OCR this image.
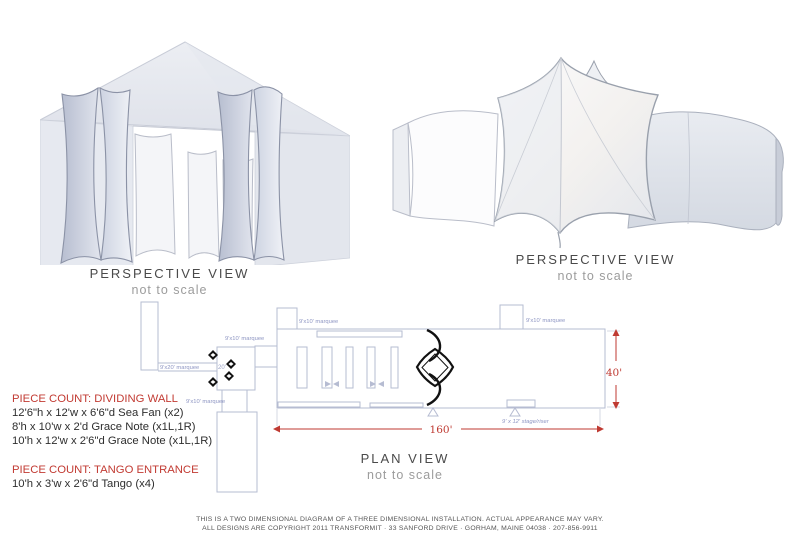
9'x10' marquee	9'x10' marquee
9'x10' marquee
9'x20' marquee
9'x10' marquee
20'
9' x 12' stage/riser
40'
160'
PERSPECTIVE VIEW
not to scale
PERSPECTIVE VIEW
not to scale
PLAN VIEW
not to scale
PIECE COUNT: DIVIDING WALL
12'6"h x 12'w x 6'6"d Sea Fan (x2)
8'h x 10'w x 2'd Grace Note (x1L,1R)
10'h x 12'w x 2'6"d Grace Note (x1L,1R)
PIECE COUNT: TANGO ENTRANCE
10'h x 3'w x 2'6"d Tango (x4)
THIS IS A TWO DIMENSIONAL DIAGRAM OF A THREE DIMENSIONAL INSTALLATION. ACTUAL APPEARANCE MAY VARY.
ALL DESIGNS ARE COPYRIGHT 2011 TRANSFORMIT · 33 SANFORD DRIVE · GORHAM, MAINE 04038 · 207-856-9911
